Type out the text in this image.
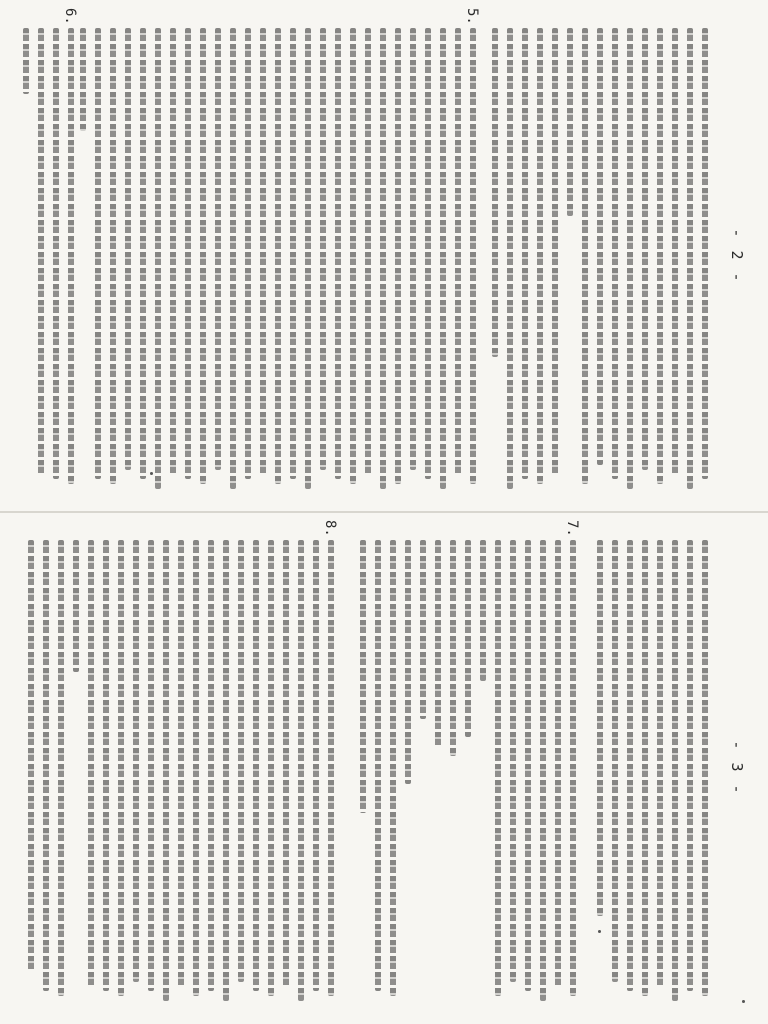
- 2 -
5.
6.
- 3 -
7.
8.
